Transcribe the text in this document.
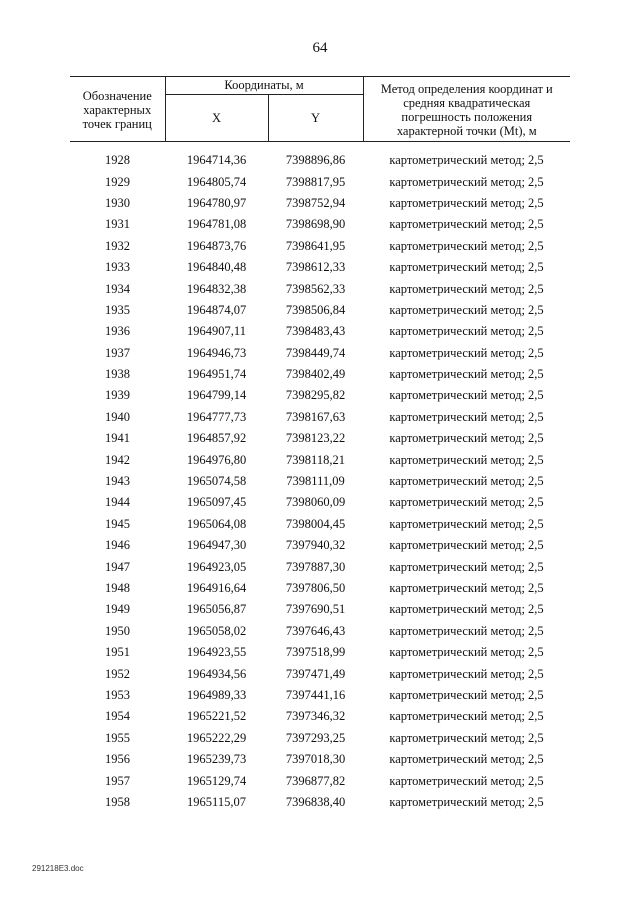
64
Обозначение характерных точек границ	Координаты, м		Метод определения координат и средняя квадратическая погрешность положения характерной точки (Mt), м
	X	Y	

1928	1964714,36	7398896,86	картометрический метод; 2,5
1929	1964805,74	7398817,95	картометрический метод; 2,5
1930	1964780,97	7398752,94	картометрический метод; 2,5
1931	1964781,08	7398698,90	картометрический метод; 2,5
1932	1964873,76	7398641,95	картометрический метод; 2,5
1933	1964840,48	7398612,33	картометрический метод; 2,5
1934	1964832,38	7398562,33	картометрический метод; 2,5
1935	1964874,07	7398506,84	картометрический метод; 2,5
1936	1964907,11	7398483,43	картометрический метод; 2,5
1937	1964946,73	7398449,74	картометрический метод; 2,5
1938	1964951,74	7398402,49	картометрический метод; 2,5
1939	1964799,14	7398295,82	картометрический метод; 2,5
1940	1964777,73	7398167,63	картометрический метод; 2,5
1941	1964857,92	7398123,22	картометрический метод; 2,5
1942	1964976,80	7398118,21	картометрический метод; 2,5
1943	1965074,58	7398111,09	картометрический метод; 2,5
1944	1965097,45	7398060,09	картометрический метод; 2,5
1945	1965064,08	7398004,45	картометрический метод; 2,5
1946	1964947,30	7397940,32	картометрический метод; 2,5
1947	1964923,05	7397887,30	картометрический метод; 2,5
1948	1964916,64	7397806,50	картометрический метод; 2,5
1949	1965056,87	7397690,51	картометрический метод; 2,5
1950	1965058,02	7397646,43	картометрический метод; 2,5
1951	1964923,55	7397518,99	картометрический метод; 2,5
1952	1964934,56	7397471,49	картометрический метод; 2,5
1953	1964989,33	7397441,16	картометрический метод; 2,5
1954	1965221,52	7397346,32	картометрический метод; 2,5
1955	1965222,29	7397293,25	картометрический метод; 2,5
1956	1965239,73	7397018,30	картометрический метод; 2,5
1957	1965129,74	7396877,82	картометрический метод; 2,5
1958	1965115,07	7396838,40	картометрический метод; 2,5
291218E3.doc
